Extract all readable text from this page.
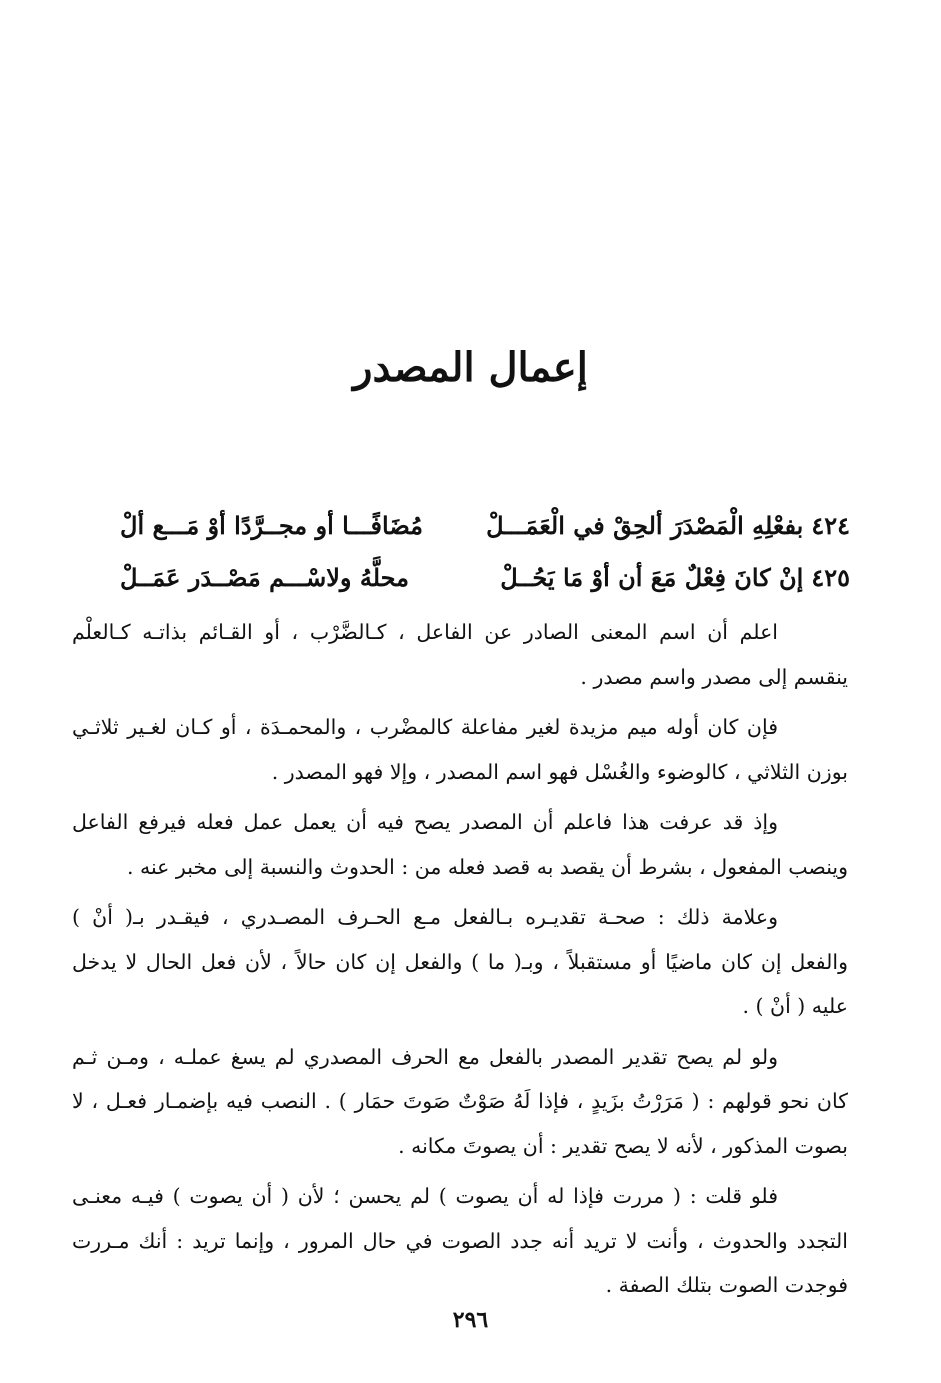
إعمال المصدر
٤٢٤بفعْلِهِ الْمَصْدَرَ ألحِقْ في الْعَمَـــلْ
مُضَافًـــا أو مجــرَّدًا أوْ مَـــع ألْ
٤٢٥إنْ كانَ فِعْلٌ مَعَ أن أوْ مَا يَحُــلْ
محلَّهُ ولاسْـــم مَصْــدَر عَمَــلْ

اعلم أن اسم المعنى الصادر عن الفاعل ، كـالضَّرْب ، أو القـائم بذاتـه كـالعلْم
ينقسم إلى مصدر واسم مصدر .

فإن كان أوله ميم مزيدة لغير مفاعلة كالمضْرب ، والمحمـدَة ، أو كـان لغـير ثلاثـي
بوزن الثلاثي ، كالوضوء والغُسْل فهو اسم المصدر ، وإلا فهو المصدر .

وإذ قد عرفت هذا فاعلم أن المصدر يصح فيه أن يعمل عمل فعله فيرفع الفاعل
وينصب المفعول ، بشرط أن يقصد به قصد فعله من : الحدوث والنسبة إلى مخبر عنه .

وعلامة ذلك : صحـة تقديـره بـالفعل مـع الحـرف المصـدري ، فيقـدر بـ( أنْ )
والفعل إن كان ماضيًا أو مستقبلاً ، وبـ( ما ) والفعل إن كان حالاً ، لأن فعل الحال لا يدخل
عليه ( أنْ ) .

ولو لم يصح تقدير المصدر بالفعل مع الحرف المصدري لم يسغ عملـه ، ومـن ثـم
كان نحو قولهم : ( مَرَرْتُ بزَيدٍ ، فإذا لَهُ صَوْتٌ صَوتَ حمَار ) . النصب فيه بإضمـار فعـل ، لا
بصوت المذكور ، لأنه لا يصح تقدير : أن يصوتَ مكانه .

فلو قلت : ( مررت فإذا له أن يصوت ) لم يحسن ؛ لأن ( أن يصوت ) فيـه معنـى
التجدد والحدوث ، وأنت لا تريد أنه جدد الصوت في حال المرور ، وإنما تريد : أنك مـررت
فوجدت الصوت بتلك الصفة .

٢٩٦
